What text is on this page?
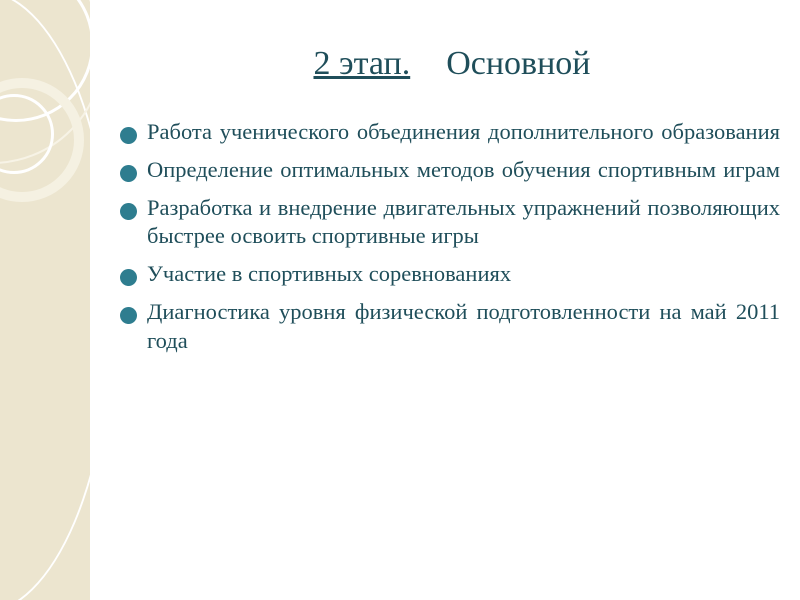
2 этап. Основной
Работа ученического объединения дополнительного образования
Определение оптимальных методов обучения спортивным играм
Разработка и внедрение двигательных упражнений позволяющих быстрее освоить спортивные игры
Участие в спортивных соревнованиях
Диагностика уровня физической подготовленности на май 2011 года
